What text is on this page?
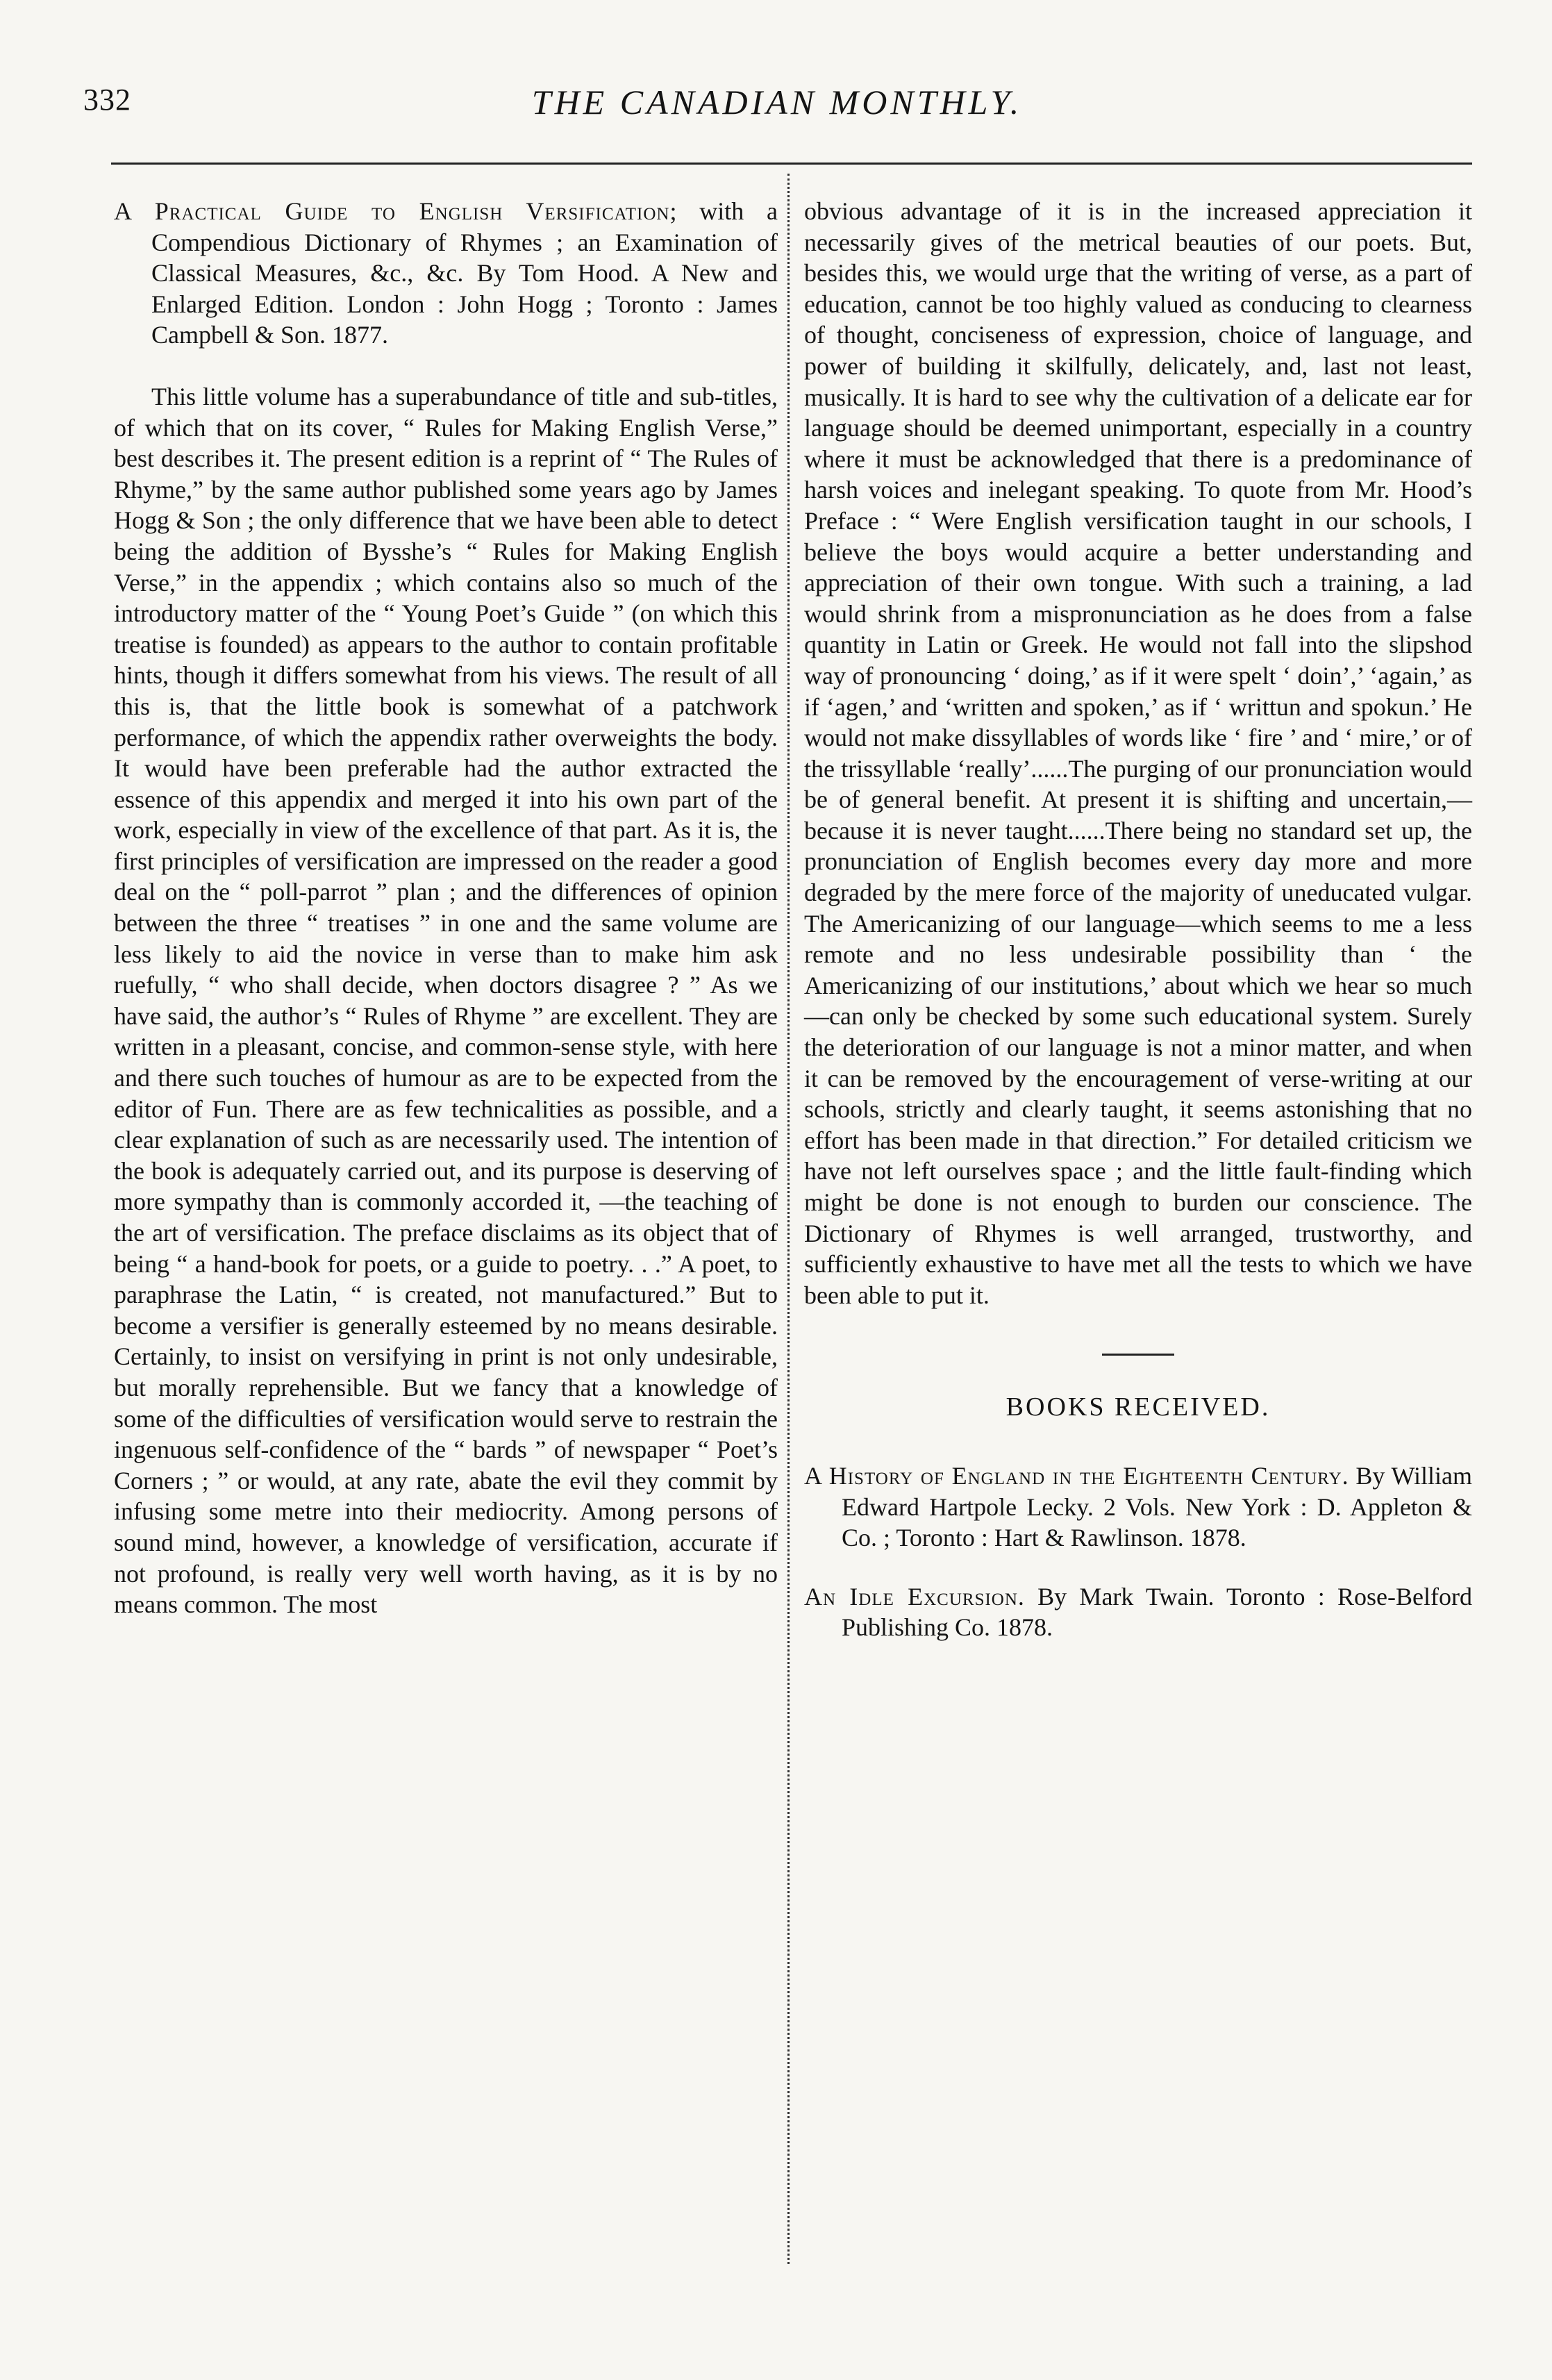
332	THE CANADIAN MONTHLY.

A Practical Guide to English Versification; with a Compendious Dictionary of Rhymes ; an Examination of Classical Measures, &c., &c. By Tom Hood. A New and Enlarged Edition. London : John Hogg ; Toronto : James Campbell & Son. 1877.

This little volume has a superabundance of title and sub-titles, of which that on its cover, “ Rules for Making English Verse,” best describes it. The present edition is a reprint of “ The Rules of Rhyme,” by the same author published some years ago by James Hogg & Son ; the only difference that we have been able to detect being the addition of Bysshe’s “ Rules for Making English Verse,” in the appendix ; which contains also so much of the introductory matter of the “ Young Poet’s Guide ” (on which this treatise is founded) as appears to the author to contain profitable hints, though it differs somewhat from his views. The result of all this is, that the little book is somewhat of a patchwork performance, of which the appendix rather overweights the body. It would have been preferable had the author extracted the essence of this appendix and merged it into his own part of the work, especially in view of the excellence of that part. As it is, the first principles of versification are impressed on the reader a good deal on the “ poll-parrot ” plan ; and the differences of opinion between the three “ treatises ” in one and the same volume are less likely to aid the novice in verse than to make him ask ruefully, “ who shall decide, when doctors disagree ? ” As we have said, the author’s “ Rules of Rhyme ” are excellent. They are written in a pleasant, concise, and common-sense style, with here and there such touches of humour as are to be expected from the editor of Fun. There are as few technicalities as possible, and a clear explanation of such as are necessarily used. The intention of the book is adequately carried out, and its purpose is deserving of more sympathy than is commonly accorded it, —the teaching of the art of versification. The preface disclaims as its object that of being “ a hand-book for poets, or a guide to poetry. . .” A poet, to paraphrase the Latin, “ is created, not manufactured.” But to become a versifier is generally esteemed by no means desirable. Certainly, to insist on versifying in print is not only undesirable, but morally reprehensible. But we fancy that a knowledge of some of the difficulties of versification would serve to restrain the ingenuous self-confidence of the “ bards ” of newspaper “ Poet’s Corners ; ” or would, at any rate, abate the evil they commit by infusing some metre into their mediocrity. Among persons of sound mind, however, a knowledge of versification, accurate if not profound, is really very well worth having, as it is by no means common. The most

obvious advantage of it is in the increased appreciation it necessarily gives of the metrical beauties of our poets. But, besides this, we would urge that the writing of verse, as a part of education, cannot be too highly valued as conducing to clearness of thought, conciseness of expression, choice of language, and power of building it skilfully, delicately, and, last not least, musically. It is hard to see why the cultivation of a delicate ear for language should be deemed unimportant, especially in a country where it must be acknowledged that there is a predominance of harsh voices and inelegant speaking. To quote from Mr. Hood’s Preface : “ Were English versification taught in our schools, I believe the boys would acquire a better understanding and appreciation of their own tongue. With such a training, a lad would shrink from a mispronunciation as he does from a false quantity in Latin or Greek. He would not fall into the slipshod way of pronouncing ‘ doing,’ as if it were spelt ‘ doin’,’ ‘again,’ as if ‘agen,’ and ‘written and spoken,’ as if ‘ writtun and spokun.’ He would not make dissyllables of words like ‘ fire ’ and ‘ mire,’ or of the trissyllable ‘really’......The purging of our pronunciation would be of general benefit. At present it is shifting and uncertain,—because it is never taught......There being no standard set up, the pronunciation of English becomes every day more and more degraded by the mere force of the majority of uneducated vulgar. The Americanizing of our language—which seems to me a less remote and no less undesirable possibility than ‘ the Americanizing of our institutions,’ about which we hear so much —can only be checked by some such educational system. Surely the deterioration of our language is not a minor matter, and when it can be removed by the encouragement of verse-writing at our schools, strictly and clearly taught, it seems astonishing that no effort has been made in that direction.” For detailed criticism we have not left ourselves space ; and the little fault-finding which might be done is not enough to burden our conscience. The Dictionary of Rhymes is well arranged, trustworthy, and sufficiently exhaustive to have met all the tests to which we have been able to put it.

BOOKS RECEIVED.

A History of England in the Eighteenth Century. By William Edward Hartpole Lecky. 2 Vols. New York : D. Appleton & Co. ; Toronto : Hart & Rawlinson. 1878.

An Idle Excursion. By Mark Twain. Toronto : Rose-Belford Publishing Co. 1878.
